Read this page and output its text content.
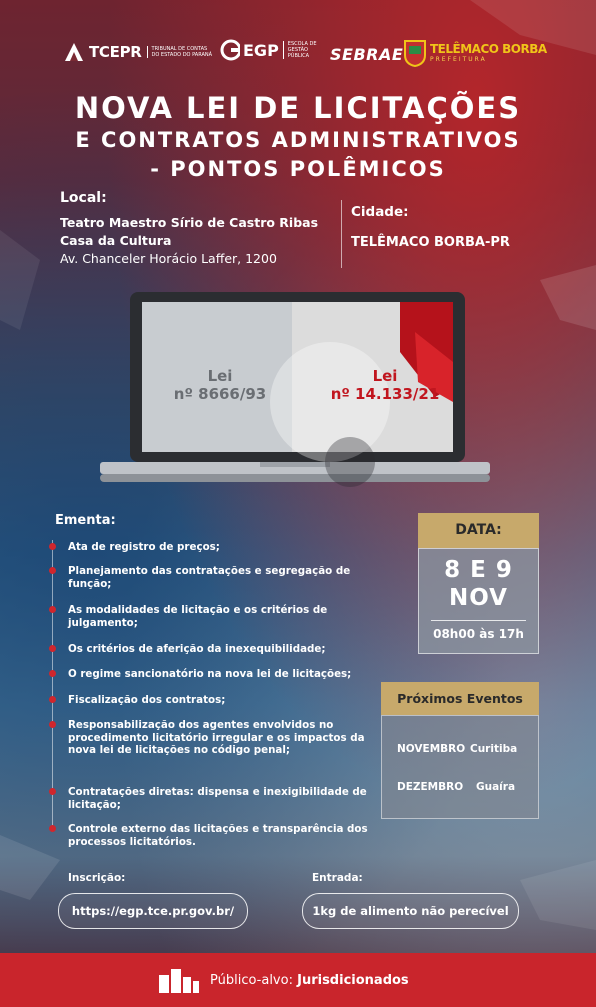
TCEPR	TRIBUNAL DE CONTAS DO ESTADO DO PARANÁ EGP	ESCOLA DE GESTÃO PÚBLICA	SEBRAE TELÊMACO BORBA
PREFEITURA
NOVA LEI DE LICITAÇÕES
E CONTRATOS ADMINISTRATIVOS
- PONTOS POLÊMICOS
Local:
Teatro Maestro Sírio de Castro Ribas
Casa da Cultura
Av. Chanceler Horácio Laffer, 1200
Cidade:
TELÊMACO BORBA-PR
Lei
nº 8666/93
Lei
nº 14.133/21
Ementa:
Ata de registro de preços;
Planejamento das contratações e segregação de função;
As modalidades de licitação e os critérios de julgamento;
Os critérios de aferição da inexequibilidade;
O regime sancionatório na nova lei de licitações;
Fiscalização dos contratos;
Responsabilização dos agentes envolvidos no procedimento licitatório irregular e os impactos da nova lei de licitações no código penal;
Contratações diretas: dispensa e inexigibilidade de licitação;
Controle externo das licitações e transparência dos processos licitatórios.
DATA:
8 E 9
NOV
08h00 às 17h
Próximos Eventos
NOVEMBRO Curitiba
DEZEMBRO Guaíra
Inscrição:
https://egp.tce.pr.gov.br/
Entrada:
1kg de alimento não perecível
Público-alvo: Jurisdicionados
